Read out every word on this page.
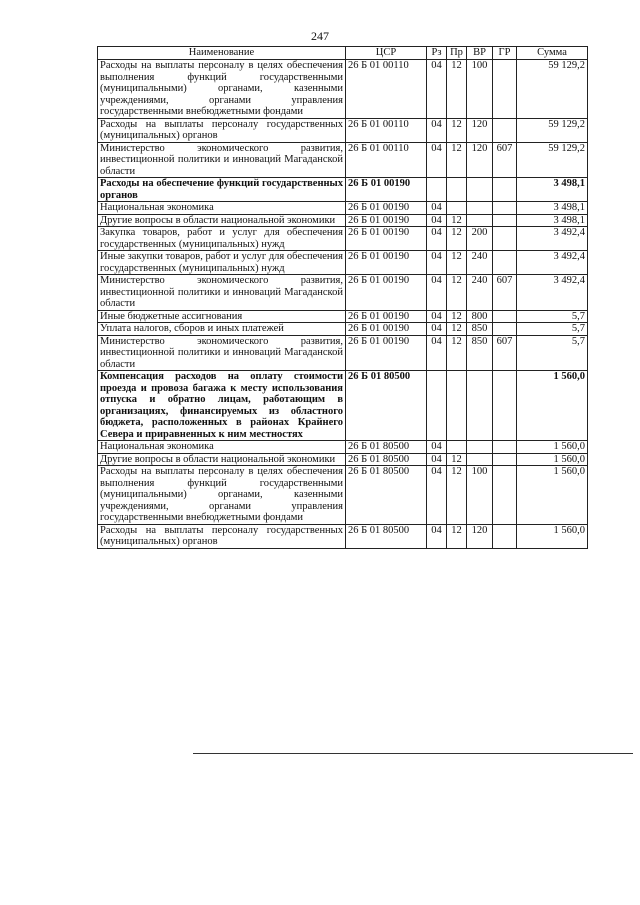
247
Наименование	ЦСР	Рз	Пр	ВР	ГР	Сумма
Расходы на выплаты персоналу в целях обеспечения выполнения функций государственными (муниципальными) органами, казенными учреждениями, органами управления государственными внебюджетными фондами	26 Б 01 00110	04	12	100		59 129,2
Расходы на выплаты персоналу государственных (муниципальных) органов	26 Б 01 00110	04	12	120		59 129,2
Министерство экономического развития, инвестиционной политики и инноваций Магаданской области	26 Б 01 00110	04	12	120	607	59 129,2
Расходы на обеспечение функций государственных органов	26 Б 01 00190					3 498,1
Национальная экономика	26 Б 01 00190	04				3 498,1
Другие вопросы в области национальной экономики	26 Б 01 00190	04	12			3 498,1
Закупка товаров, работ и услуг для обеспечения государственных (муниципальных) нужд	26 Б 01 00190	04	12	200		3 492,4
Иные закупки товаров, работ и услуг для обеспечения государственных (муниципальных) нужд	26 Б 01 00190	04	12	240		3 492,4
Министерство экономического развития, инвестиционной политики и инноваций Магаданской области	26 Б 01 00190	04	12	240	607	3 492,4
Иные бюджетные ассигнования	26 Б 01 00190	04	12	800		5,7
Уплата налогов, сборов и иных платежей	26 Б 01 00190	04	12	850		5,7
Министерство экономического развития, инвестиционной политики и инноваций Магаданской области	26 Б 01 00190	04	12	850	607	5,7
Компенсация расходов на оплату стоимости проезда и провоза багажа к месту использования отпуска и обратно лицам, работающим в организациях, финансируемых из областного бюджета, расположенных в районах Крайнего Севера и приравненных к ним местностях	26 Б 01 80500					1 560,0
Национальная экономика	26 Б 01 80500	04				1 560,0
Другие вопросы в области национальной экономики	26 Б 01 80500	04	12			1 560,0
Расходы на выплаты персоналу в целях обеспечения выполнения функций государственными (муниципальными) органами, казенными учреждениями, органами управления государственными внебюджетными фондами	26 Б 01 80500	04	12	100		1 560,0
Расходы на выплаты персоналу государственных (муниципальных) органов	26 Б 01 80500	04	12	120		1 560,0
